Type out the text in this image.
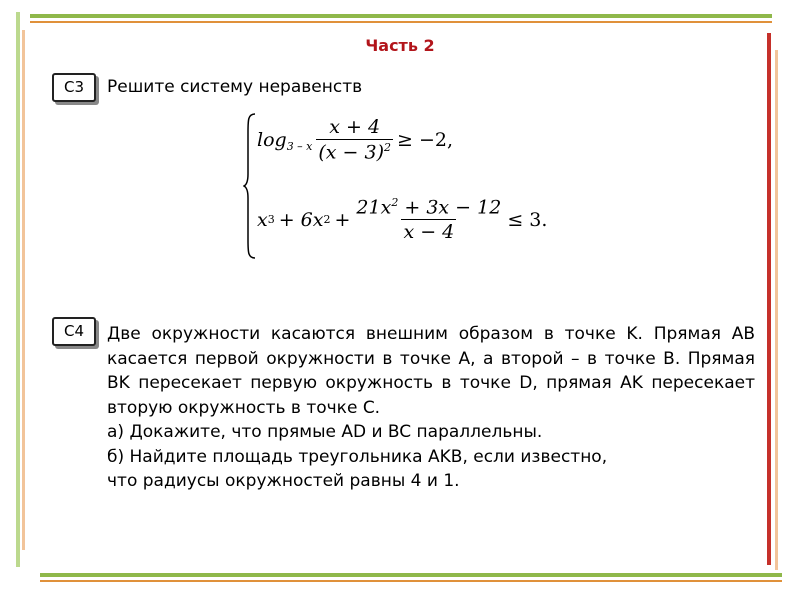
Часть 2
С3	Решите систему неравенств
$\log_{3 - x} \frac{x + 4}{(x - 3)^2} \ge -2$,
x 3 + 6x $2 + \frac{21x^2 + 3x - 12}{x - 4} \le 3$.
С4	Две окружности касаются внешним образом в точке K. Прямая AB касается первой окружности в точке A, а второй – в точке B. Прямая BK пересекает первую окружность в точке D, прямая AK пересекает вторую окружность в точке C.

а) Докажите, что прямые AD и BC параллельны.

б) Найдите площадь треугольника AKB, если известно,

что радиусы окружностей равны 4 и 1.
